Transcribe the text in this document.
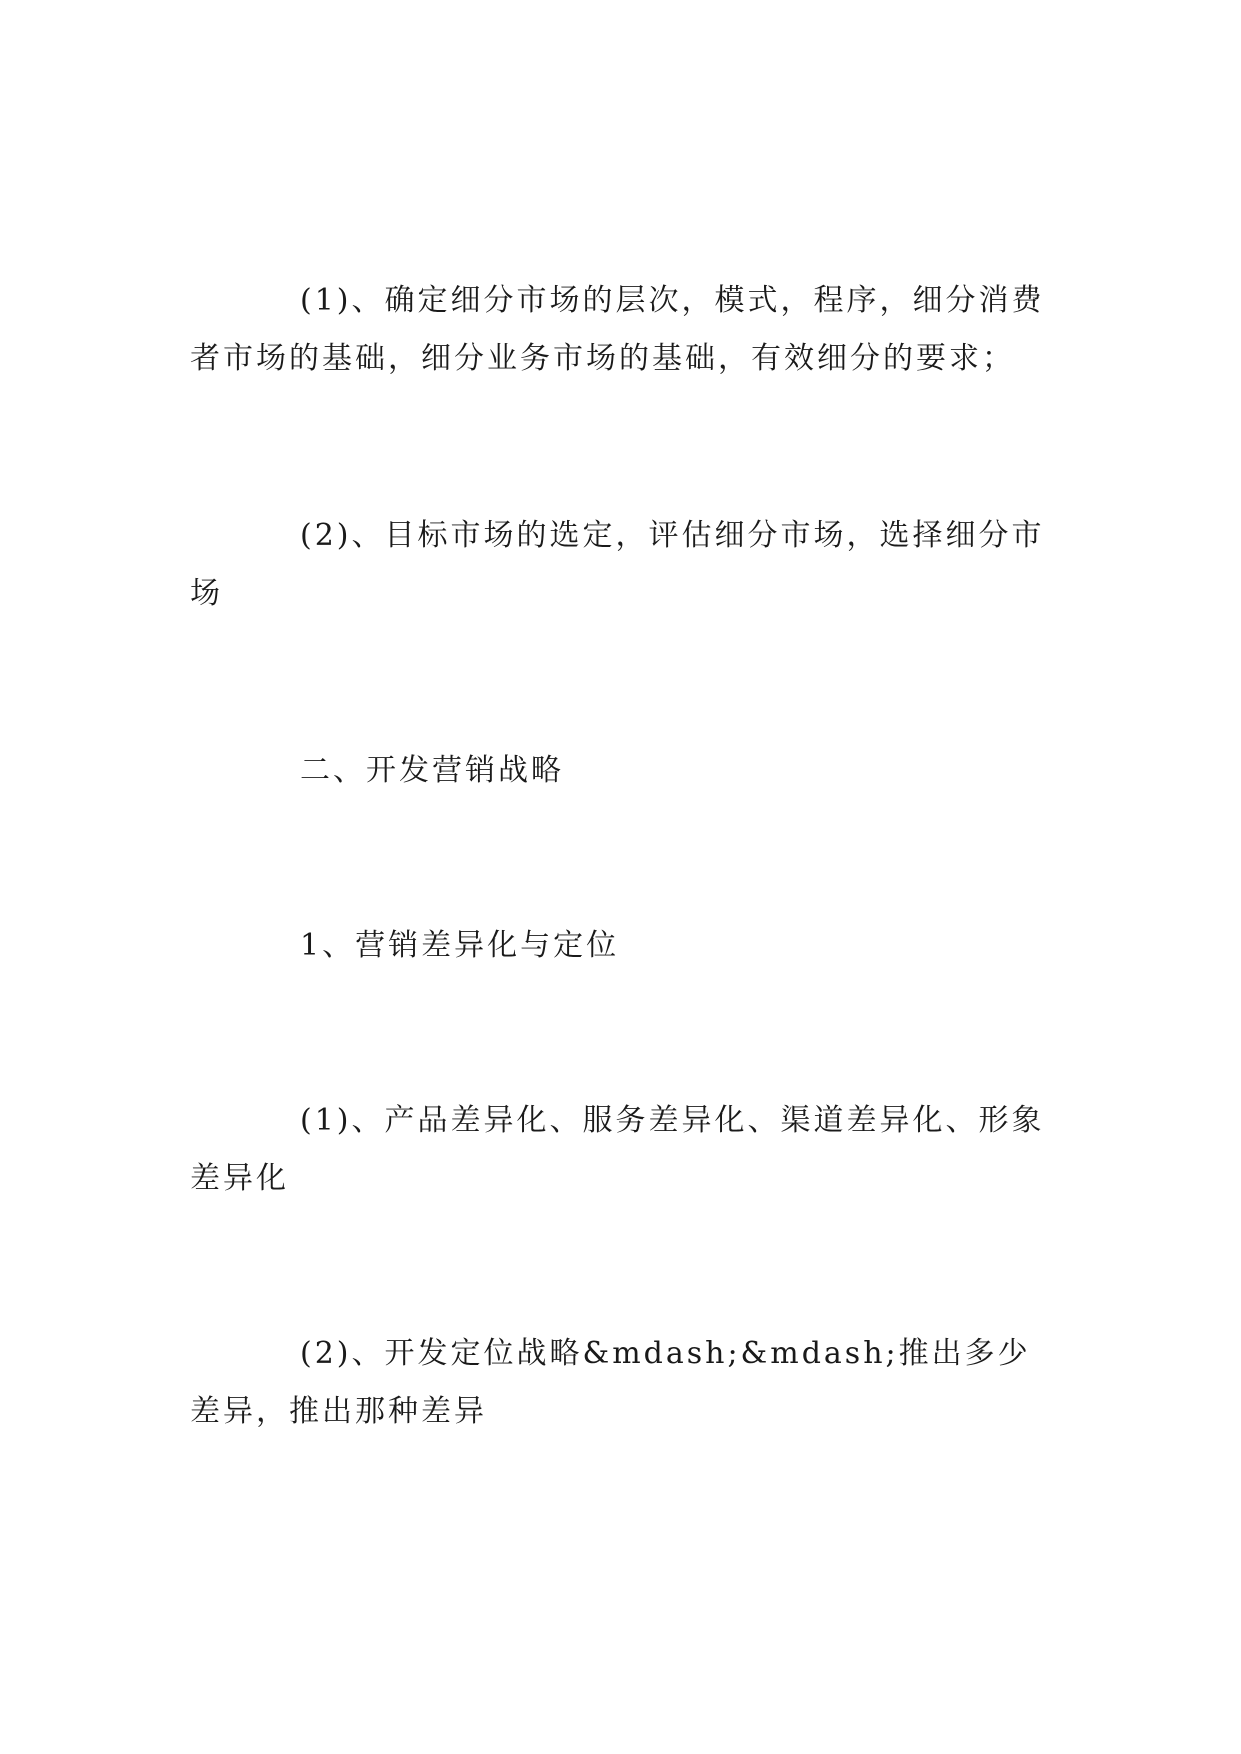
(1)、确定细分市场的层次，模式，程序，细分消费者市场的基础，细分业务市场的基础，有效细分的要求；

(2)、目标市场的选定，评估细分市场，选择细分市场

二、开发营销战略

1、营销差异化与定位

(1)、产品差异化、服务差异化、渠道差异化、形象差异化

(2)、开发定位战略&mdash;&mdash;推出多少差异，推出那种差异
